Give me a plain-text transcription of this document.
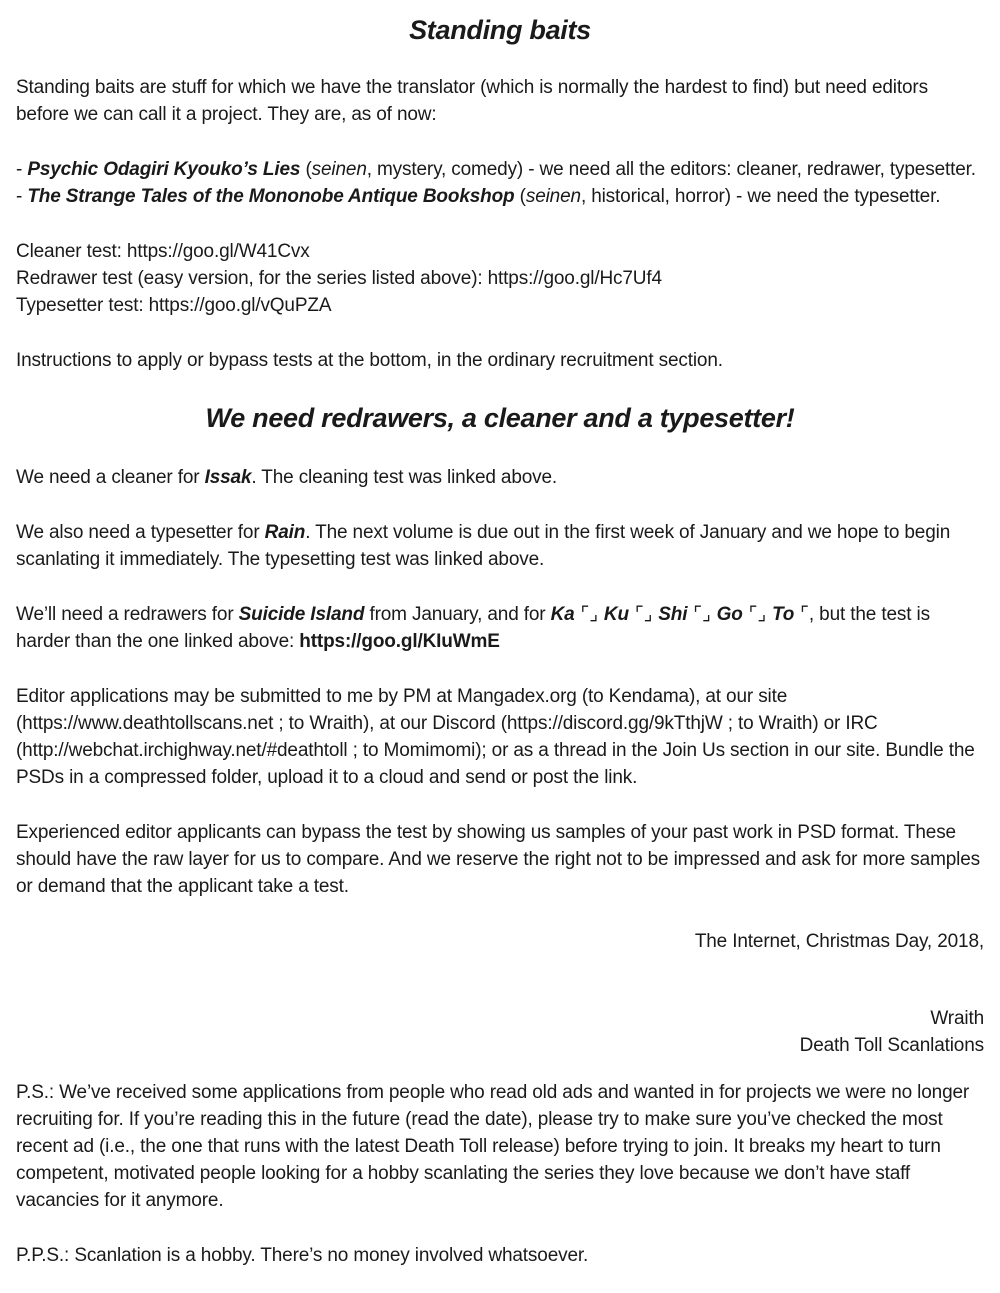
Standing baits

Standing baits are stuff for which we have the translator (which is normally the hardest to find) but need editors before we can call it a project. They are, as of now:

- Psychic Odagiri Kyouko’s Lies (seinen, mystery, comedy) - we need all the editors: cleaner, redrawer, typesetter.

- The Strange Tales of the Mononobe Antique Bookshop (seinen, historical, horror) - we need the typesetter.

Cleaner test: https://goo.gl/W41Cvx

Redrawer test (easy version, for the series listed above): https://goo.gl/Hc7Uf4

Typesetter test: https://goo.gl/vQuPZA

Instructions to apply or bypass tests at the bottom, in the ordinary recruitment section.

We need redrawers, a cleaner and a typesetter!

We need a cleaner for Issak. The cleaning test was linked above.

We also need a typesetter for Rain. The next volume is due out in the first week of January and we hope to begin scanlating it immediately. The typesetting test was linked above.

We’ll need a redrawers for Suicide Island from January, and for Ka ⌜⌟ Ku ⌜⌟ Shi ⌜⌟ Go ⌜⌟ To ⌜, but the test is harder than the one linked above: https://goo.gl/KIuWmE

Editor applications may be submitted to me by PM at Mangadex.org (to Kendama), at our site (https://www.deathtollscans.net ; to Wraith), at our Discord (https://discord.gg/9kTthjW ; to Wraith) or IRC (http://webchat.irchighway.net/#deathtoll ; to Momimomi); or as a thread in the Join Us section in our site. Bundle the PSDs in a compressed folder, upload it to a cloud and send or post the link.

Experienced editor applicants can bypass the test by showing us samples of your past work in PSD format. These should have the raw layer for us to compare. And we reserve the right not to be impressed and ask for more samples or demand that the applicant take a test.

The Internet, Christmas Day, 2018,

Wraith

Death Toll Scanlations

P.S.: We’ve received some applications from people who read old ads and wanted in for projects we were no longer recruiting for. If you’re reading this in the future (read the date), please try to make sure you’ve checked the most recent ad (i.e., the one that runs with the latest Death Toll release) before trying to join. It breaks my heart to turn competent, motivated people looking for a hobby scanlating the series they love because we don’t have staff vacancies for it anymore.

P.P.S.: Scanlation is a hobby. There’s no money involved whatsoever.
